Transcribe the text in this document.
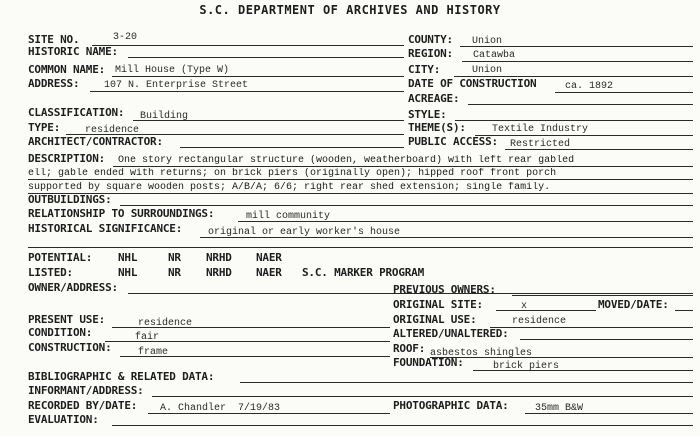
S.C. DEPARTMENT OF ARCHIVES AND HISTORY
SITE NO.	3-20	COUNTY: Union
HISTORIC NAME:	REGION: Catawba
COMMON NAME: Mill House (Type W)	CITY:	Union
ADDRESS: 107 N. Enterprise Street	DATE OF CONSTRUCTION	ca. 1892
ACREAGE:
CLASSIFICATION: Building	STYLE:
TYPE: residence	THEME(S):	Textile Industry
ARCHITECT/CONTRACTOR:	PUBLIC ACCESS: Restricted
DESCRIPTION: One story rectangular structure (wooden, weatherboard) with left rear gabled
ell; gable ended with returns; on brick piers (originally open); hipped roof front porch
supported by square wooden posts; A/B/A; 6/6; right rear shed extension; single family.
OUTBUILDINGS:
RELATIONSHIP TO SURROUNDINGS:	mill community
HISTORICAL SIGNIFICANCE:	original or early worker's house
POTENTIAL: NHL	NR NRHD NAER
LISTED:	NHL	NR NRHD NAER S.C. MARKER PROGRAM
OWNER/ADDRESS:	PREVIOUS OWNERS:
ORIGINAL SITE:	x	MOVED/DATE:
PRESENT USE:	residence	ORIGINAL USE:	residence
CONDITION:	fair	ALTERED/UNALTERED:
CONSTRUCTION:	frame	ROOF: asbestos shingles
FOUNDATION:	brick piers
BIBLIOGRAPHIC & RELATED DATA:
INFORMANT/ADDRESS:
RECORDED BY/DATE: A. Chandler  7/19/83	PHOTOGRAPHIC DATA:	35mm B&W
EVALUATION:
